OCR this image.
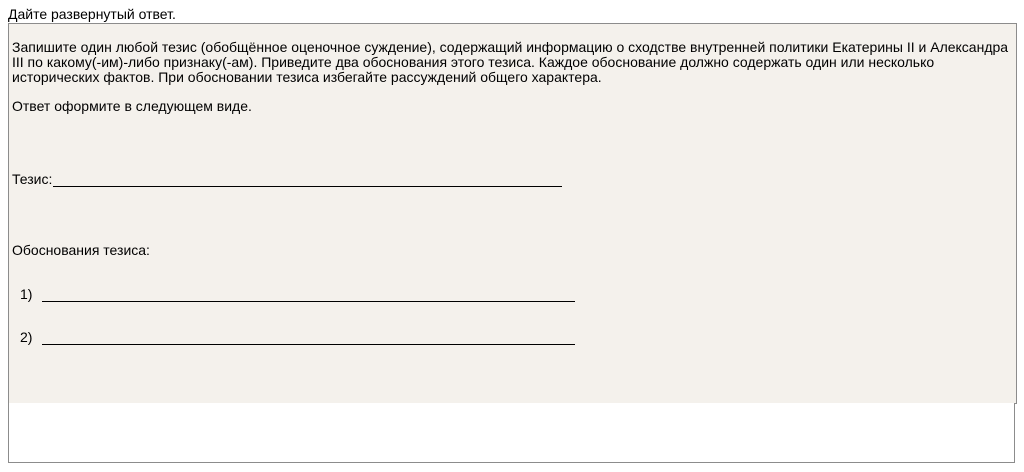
Дайте развернутый ответ.

Запишите один любой тезис (обобщённое оценочное суждение), содержащий информацию о сходстве внутренней политики Екатерины II и Александра III по какому(-им)-либо признаку(-ам). Приведите два обоснования этого тезиса. Каждое обоснование должно содержать один или несколько исторических фактов. При обосновании тезиса избегайте рассуждений общего характера.

Ответ оформите в следующем виде.

Тезис:

Обоснования тезиса:

1)
2)
